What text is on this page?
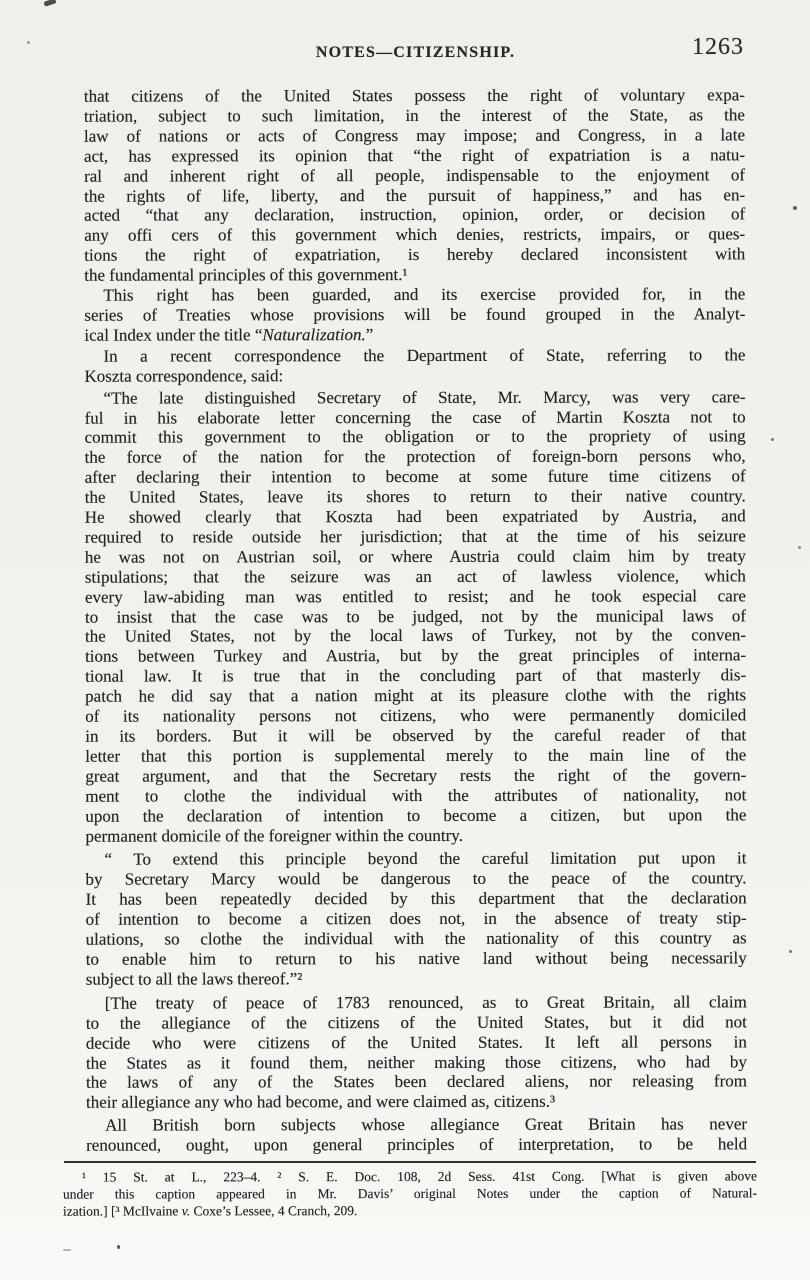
NOTES—CITIZENSHIP.	1263
that citizens of the United States possess the right of voluntary expa-
triation, subject to such limitation, in the interest of the State, as the
law of nations or acts of Congress may impose; and Congress, in a late
act, has expressed its opinion that “the right of expatriation is a natu-
ral and inherent right of all people, indispensable to the enjoyment of
the rights of life, liberty, and the pursuit of happiness,” and has en-
acted “that any declaration, instruction, opinion, order, or decision of
any offi cers of this government which denies, restricts, impairs, or ques-
tions the right of expatriation, is hereby declared inconsistent with
the fundamental principles of this government.¹
This right has been guarded, and its exercise provided for, in the
series of Treaties whose provisions will be found grouped in the Analyt-
ical Index under the title “Naturalization.”
In a recent correspondence the Department of State, referring to the
Koszta correspondence, said:
“The late distinguished Secretary of State, Mr. Marcy, was very care-
ful in his elaborate letter concerning the case of Martin Koszta not to
commit this government to the obligation or to the propriety of using
the force of the nation for the protection of foreign-born persons who,
after declaring their intention to become at some future time citizens of
the United States, leave its shores to return to their native country.
He showed clearly that Koszta had been expatriated by Austria, and
required to reside outside her jurisdiction; that at the time of his seizure
he was not on Austrian soil, or where Austria could claim him by treaty
stipulations; that the seizure was an act of lawless violence, which
every law-abiding man was entitled to resist; and he took especial care
to insist that the case was to be judged, not by the municipal laws of
the United States, not by the local laws of Turkey, not by the conven-
tions between Turkey and Austria, but by the great principles of interna-
tional law. It is true that in the concluding part of that masterly dis-
patch he did say that a nation might at its pleasure clothe with the rights
of its nationality persons not citizens, who were permanently domiciled
in its borders. But it will be observed by the careful reader of that
letter that this portion is supplemental merely to the main line of the
great argument, and that the Secretary rests the right of the govern-
ment to clothe the individual with the attributes of nationality, not
upon the declaration of intention to become a citizen, but upon the
permanent domicile of the foreigner within the country.
“ To extend this principle beyond the careful limitation put upon it
by Secretary Marcy would be dangerous to the peace of the country.
It has been repeatedly decided by this department that the declaration
of intention to become a citizen does not, in the absence of treaty stip-
ulations, so clothe the individual with the nationality of this country as
to enable him to return to his native land without being necessarily
subject to all the laws thereof.”²
[The treaty of peace of 1783 renounced, as to Great Britain, all claim
to the allegiance of the citizens of the United States, but it did not
decide who were citizens of the United States. It left all persons in
the States as it found them, neither making those citizens, who had by
the laws of any of the States been declared aliens, nor releasing from
their allegiance any who had become, and were claimed as, citizens.³
All British born subjects whose allegiance Great Britain has never
renounced, ought, upon general principles of interpretation, to be held
¹ 15 St. at L., 223–4. ² S. E. Doc. 108, 2d Sess. 41st Cong. [What is given above
under this caption appeared in Mr. Davis’ original Notes under the caption of Natural-
ization.] [³ McIlvaine v. Coxe’s Lessee, 4 Cranch, 209.
